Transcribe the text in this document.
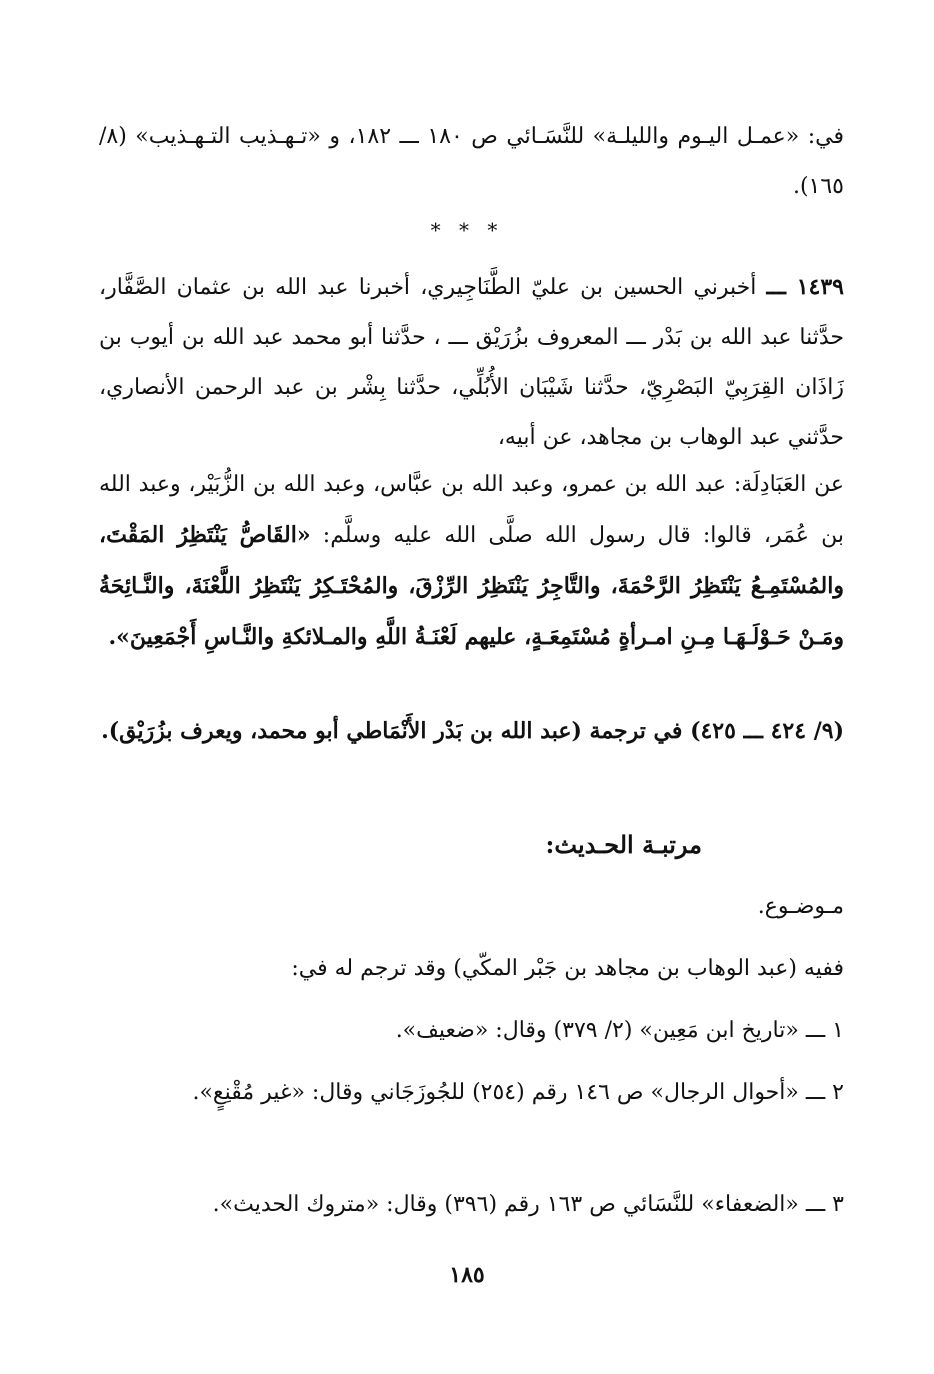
في: «عمـل اليـوم والليلـة» للنَّسَـائي ص ١٨٠ ـــ ١٨٢، و «تـهـذيب التـهـذيب» (٨/ ١٦٥).

* * *

١٤٣٩ ـــ أخبرني الحسين بن عليّ الطَّنَاجِيري، أخبرنا عبد الله بن عثمان الصَّفَّار، حدَّثنا عبد الله بن بَدْر ـــ المعروف بزُرَيْق ـــ ، حدَّثنا أبو محمد عبد الله بن أيوب بن زَاذَان القِرَبِيّ البَصْرِيّ، حدَّثنا شَيْبَان الأُبُلِّي، حدَّثنا بِشْر بن عبد الرحمن الأنصاري، حدَّثني عبد الوهاب بن مجاهد، عن أبيه،

عن العَبَادِلَة: عبد الله بن عمرو، وعبد الله بن عبَّاس، وعبد الله بن الزُّبَيْر، وعبد الله بن عُمَر، قالوا: قال رسول الله صلَّى الله عليه وسلَّم: «القَاصُّ يَنْتَظِرُ المَقْتَ، والمُسْتَمِـعُ يَنْتَظِرُ الرَّحْمَةَ، والتَّاجِرُ يَنْتَظِرُ الرِّزْقَ، والمُحْتَـكِرُ يَنْتَظِرُ اللَّعْنَةَ، والنَّـائِحَةُ ومَـنْ حَـوْلَـهَـا مِـنِ امـرأةٍ مُسْتَمِعَـةٍ، عليهم لَعْنَـةُ اللَّهِ والمـلائكةِ والنَّـاسِ أَجْمَعِينَ».

(٩/ ٤٢٤ ـــ ٤٢٥) في ترجمة (عبد الله بن بَدْر الأَنْمَاطي أبو محمد، ويعرف بزُرَيْق).

مرتبـة الحـديث:

مـوضـوع.

ففيه (عبد الوهاب بن مجاهد بن جَبْر المكّي) وقد ترجم له في:

١ ـــ «تاريخ ابن مَعِين» (٢/ ٣٧٩) وقال: «ضعيف».

٢ ـــ «أحوال الرجال» ص ١٤٦ رقم (٢٥٤) للجُوزَجَاني وقال: «غير مُقْنِعٍ».

٣ ـــ «الضعفاء» للنَّسَائي ص ١٦٣ رقم (٣٩٦) وقال: «متروك الحديث».

١٨٥
